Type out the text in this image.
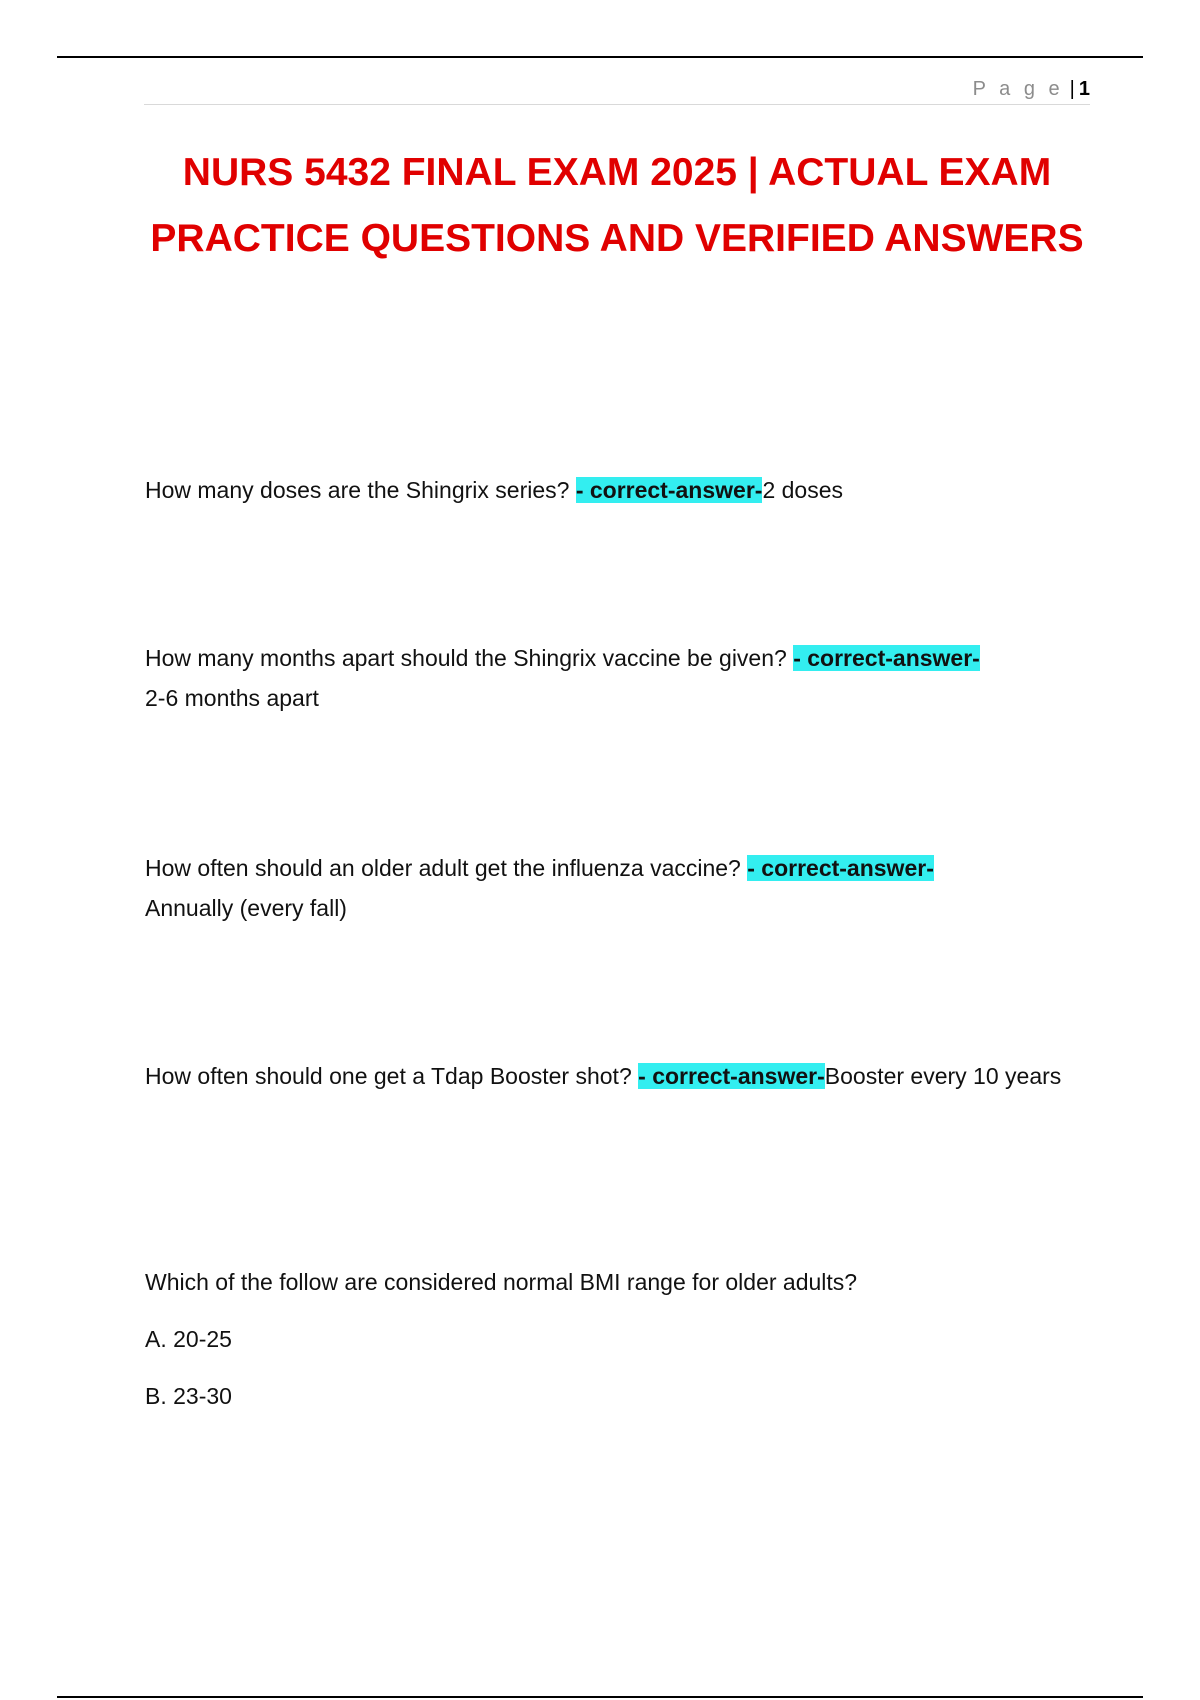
P a g e | 1
NURS 5432 FINAL EXAM 2025 | ACTUAL EXAM PRACTICE QUESTIONS AND VERIFIED ANSWERS

How many doses are the Shingrix series? - correct-answer-2 doses

How many months apart should the Shingrix vaccine be given? - correct-answer-
2-6 months apart

How often should an older adult get the influenza vaccine? - correct-answer-
Annually (every fall)

How often should one get a Tdap Booster shot? - correct-answer-Booster every 10 years

Which of the follow are considered normal BMI range for older adults?

A. 20-25

B. 23-30
